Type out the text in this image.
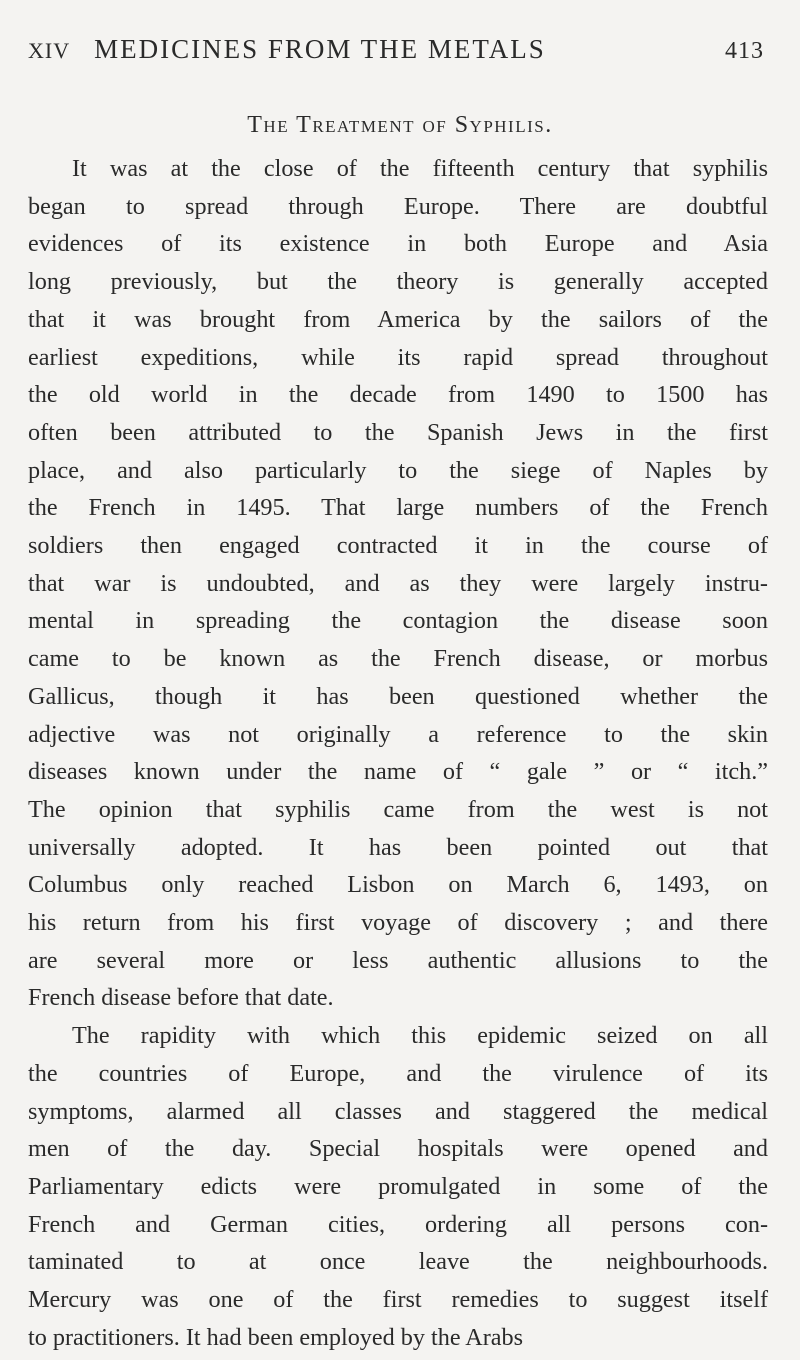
XIV MEDICINES FROM THE METALS	413
The Treatment of Syphilis.
It was at the close of the fifteenth century that syphilis
began to spread through Europe. There are doubtful
evidences of its existence in both Europe and Asia
long previously, but the theory is generally accepted
that it was brought from America by the sailors of the
earliest expeditions, while its rapid spread throughout
the old world in the decade from 1490 to 1500 has
often been attributed to the Spanish Jews in the first
place, and also particularly to the siege of Naples by
the French in 1495. That large numbers of the French
soldiers then engaged contracted it in the course of
that war is undoubted, and as they were largely instru-
mental in spreading the contagion the disease soon
came to be known as the French disease, or morbus
Gallicus, though it has been questioned whether the
adjective was not originally a reference to the skin
diseases known under the name of “ gale ” or “ itch.”
The opinion that syphilis came from the west is not
universally adopted. It has been pointed out that
Columbus only reached Lisbon on March 6, 1493, on
his return from his first voyage of discovery ; and there
are several more or less authentic allusions to the
French disease before that date.
The rapidity with which this epidemic seized on all
the countries of Europe, and the virulence of its
symptoms, alarmed all classes and staggered the medical
men of the day. Special hospitals were opened and
Parliamentary edicts were promulgated in some of the
French and German cities, ordering all persons con-
taminated to at once leave the neighbourhoods.
Mercury was one of the first remedies to suggest itself
to practitioners. It had been employed by the Arabs
